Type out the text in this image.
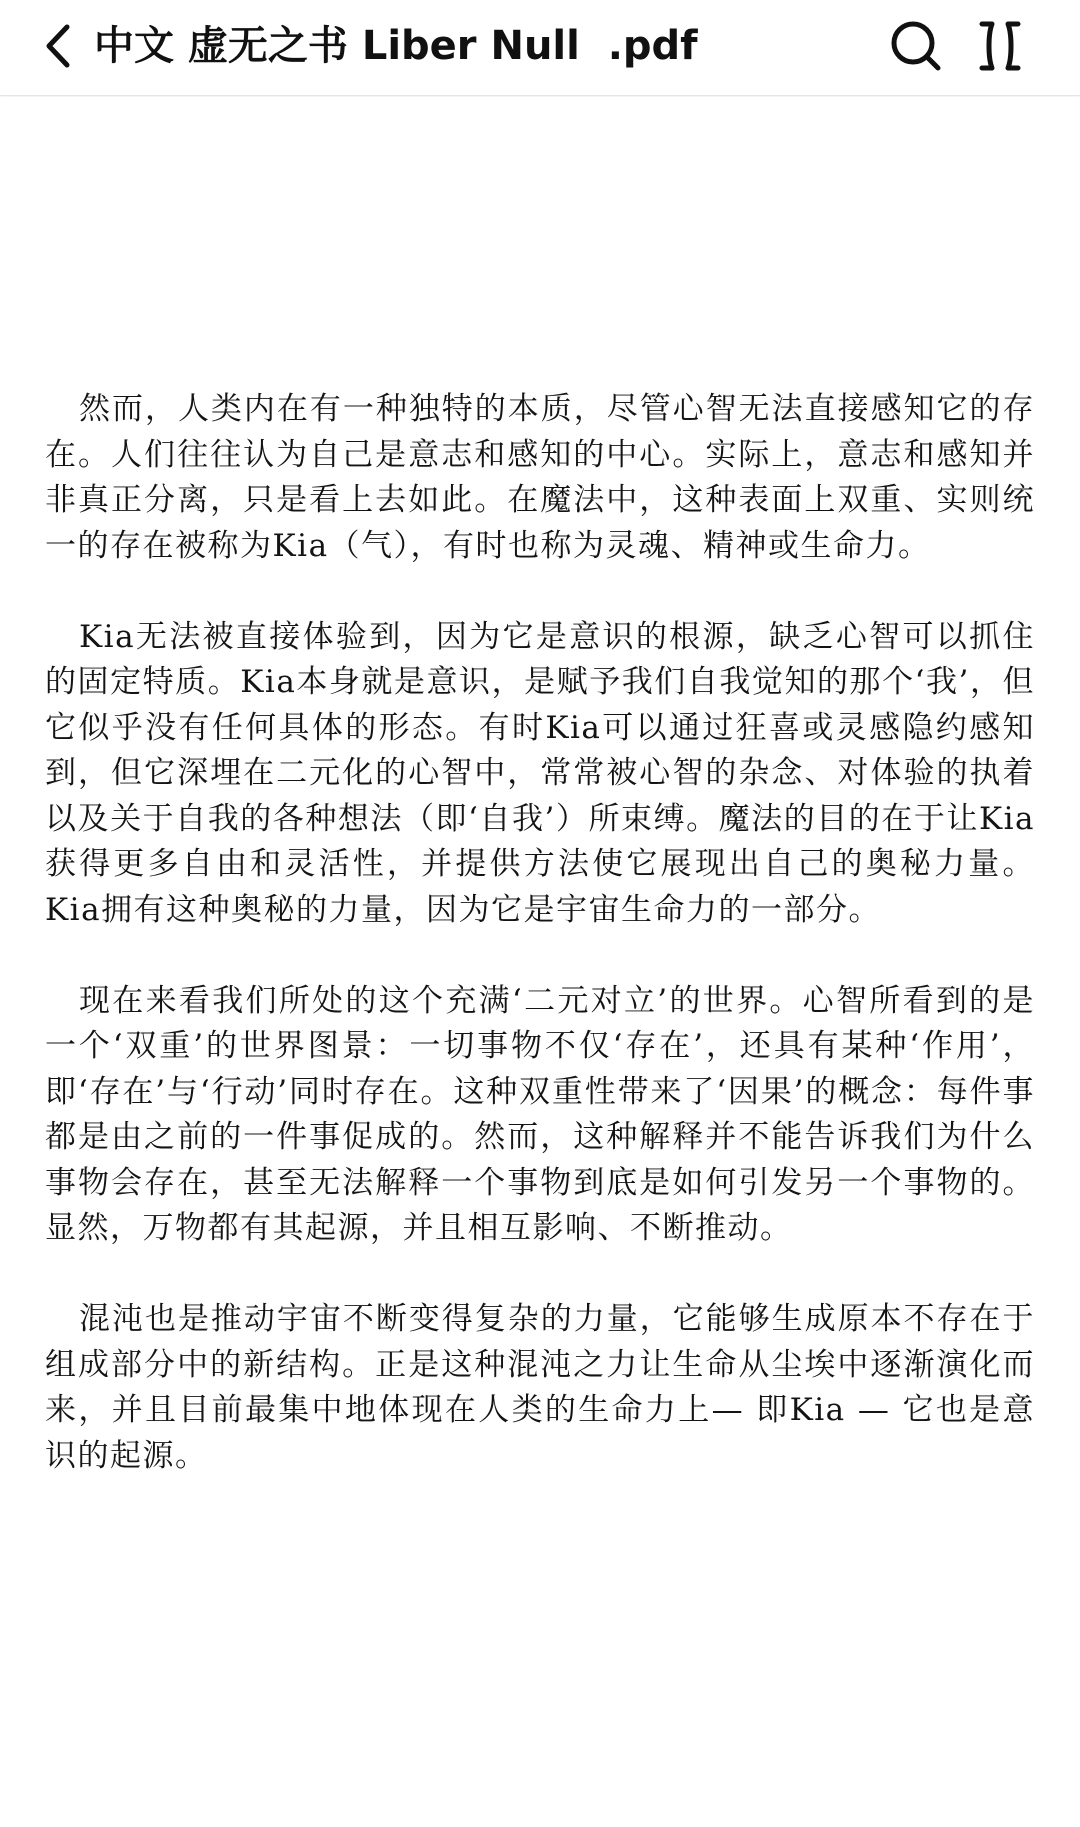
中文 虚无之书 Liber Null  .pdf

然而，人类内在有一种独特的本质，尽管心智无法直接感知它的存在。人们往往认为自己是意志和感知的中心。实际上，意志和感知并非真正分离，只是看上去如此。在魔法中，这种表面上双重、实则统一的存在被称为Kia（气），有时也称为灵魂、精神或生命力。

Kia无法被直接体验到，因为它是意识的根源，缺乏心智可以抓住的固定特质。Kia本身就是意识，是赋予我们自我觉知的那个‘我’，但它似乎没有任何具体的形态。有时Kia可以通过狂喜或灵感隐约感知到，但它深埋在二元化的心智中，常常被心智的杂念、对体验的执着以及关于自我的各种想法（即‘自我’）所束缚。魔法的目的在于让Kia获得更多自由和灵活性，并提供方法使它展现出自己的奥秘力量。Kia拥有这种奥秘的力量，因为它是宇宙生命力的一部分。

现在来看我们所处的这个充满‘二元对立’的世界。心智所看到的是一个‘双重’的世界图景：一切事物不仅‘存在’，还具有某种‘作用’，即‘存在’与‘行动’同时存在。这种双重性带来了‘因果’的概念：每件事都是由之前的一件事促成的。然而，这种解释并不能告诉我们为什么事物会存在，甚至无法解释一个事物到底是如何引发另一个事物的。显然，万物都有其起源，并且相互影响、不断推动。

混沌也是推动宇宙不断变得复杂的力量，它能够生成原本不存在于组成部分中的新结构。正是这种混沌之力让生命从尘埃中逐渐演化而来，并且目前最集中地体现在人类的生命力上— 即Kia — 它也是意识的起源。
